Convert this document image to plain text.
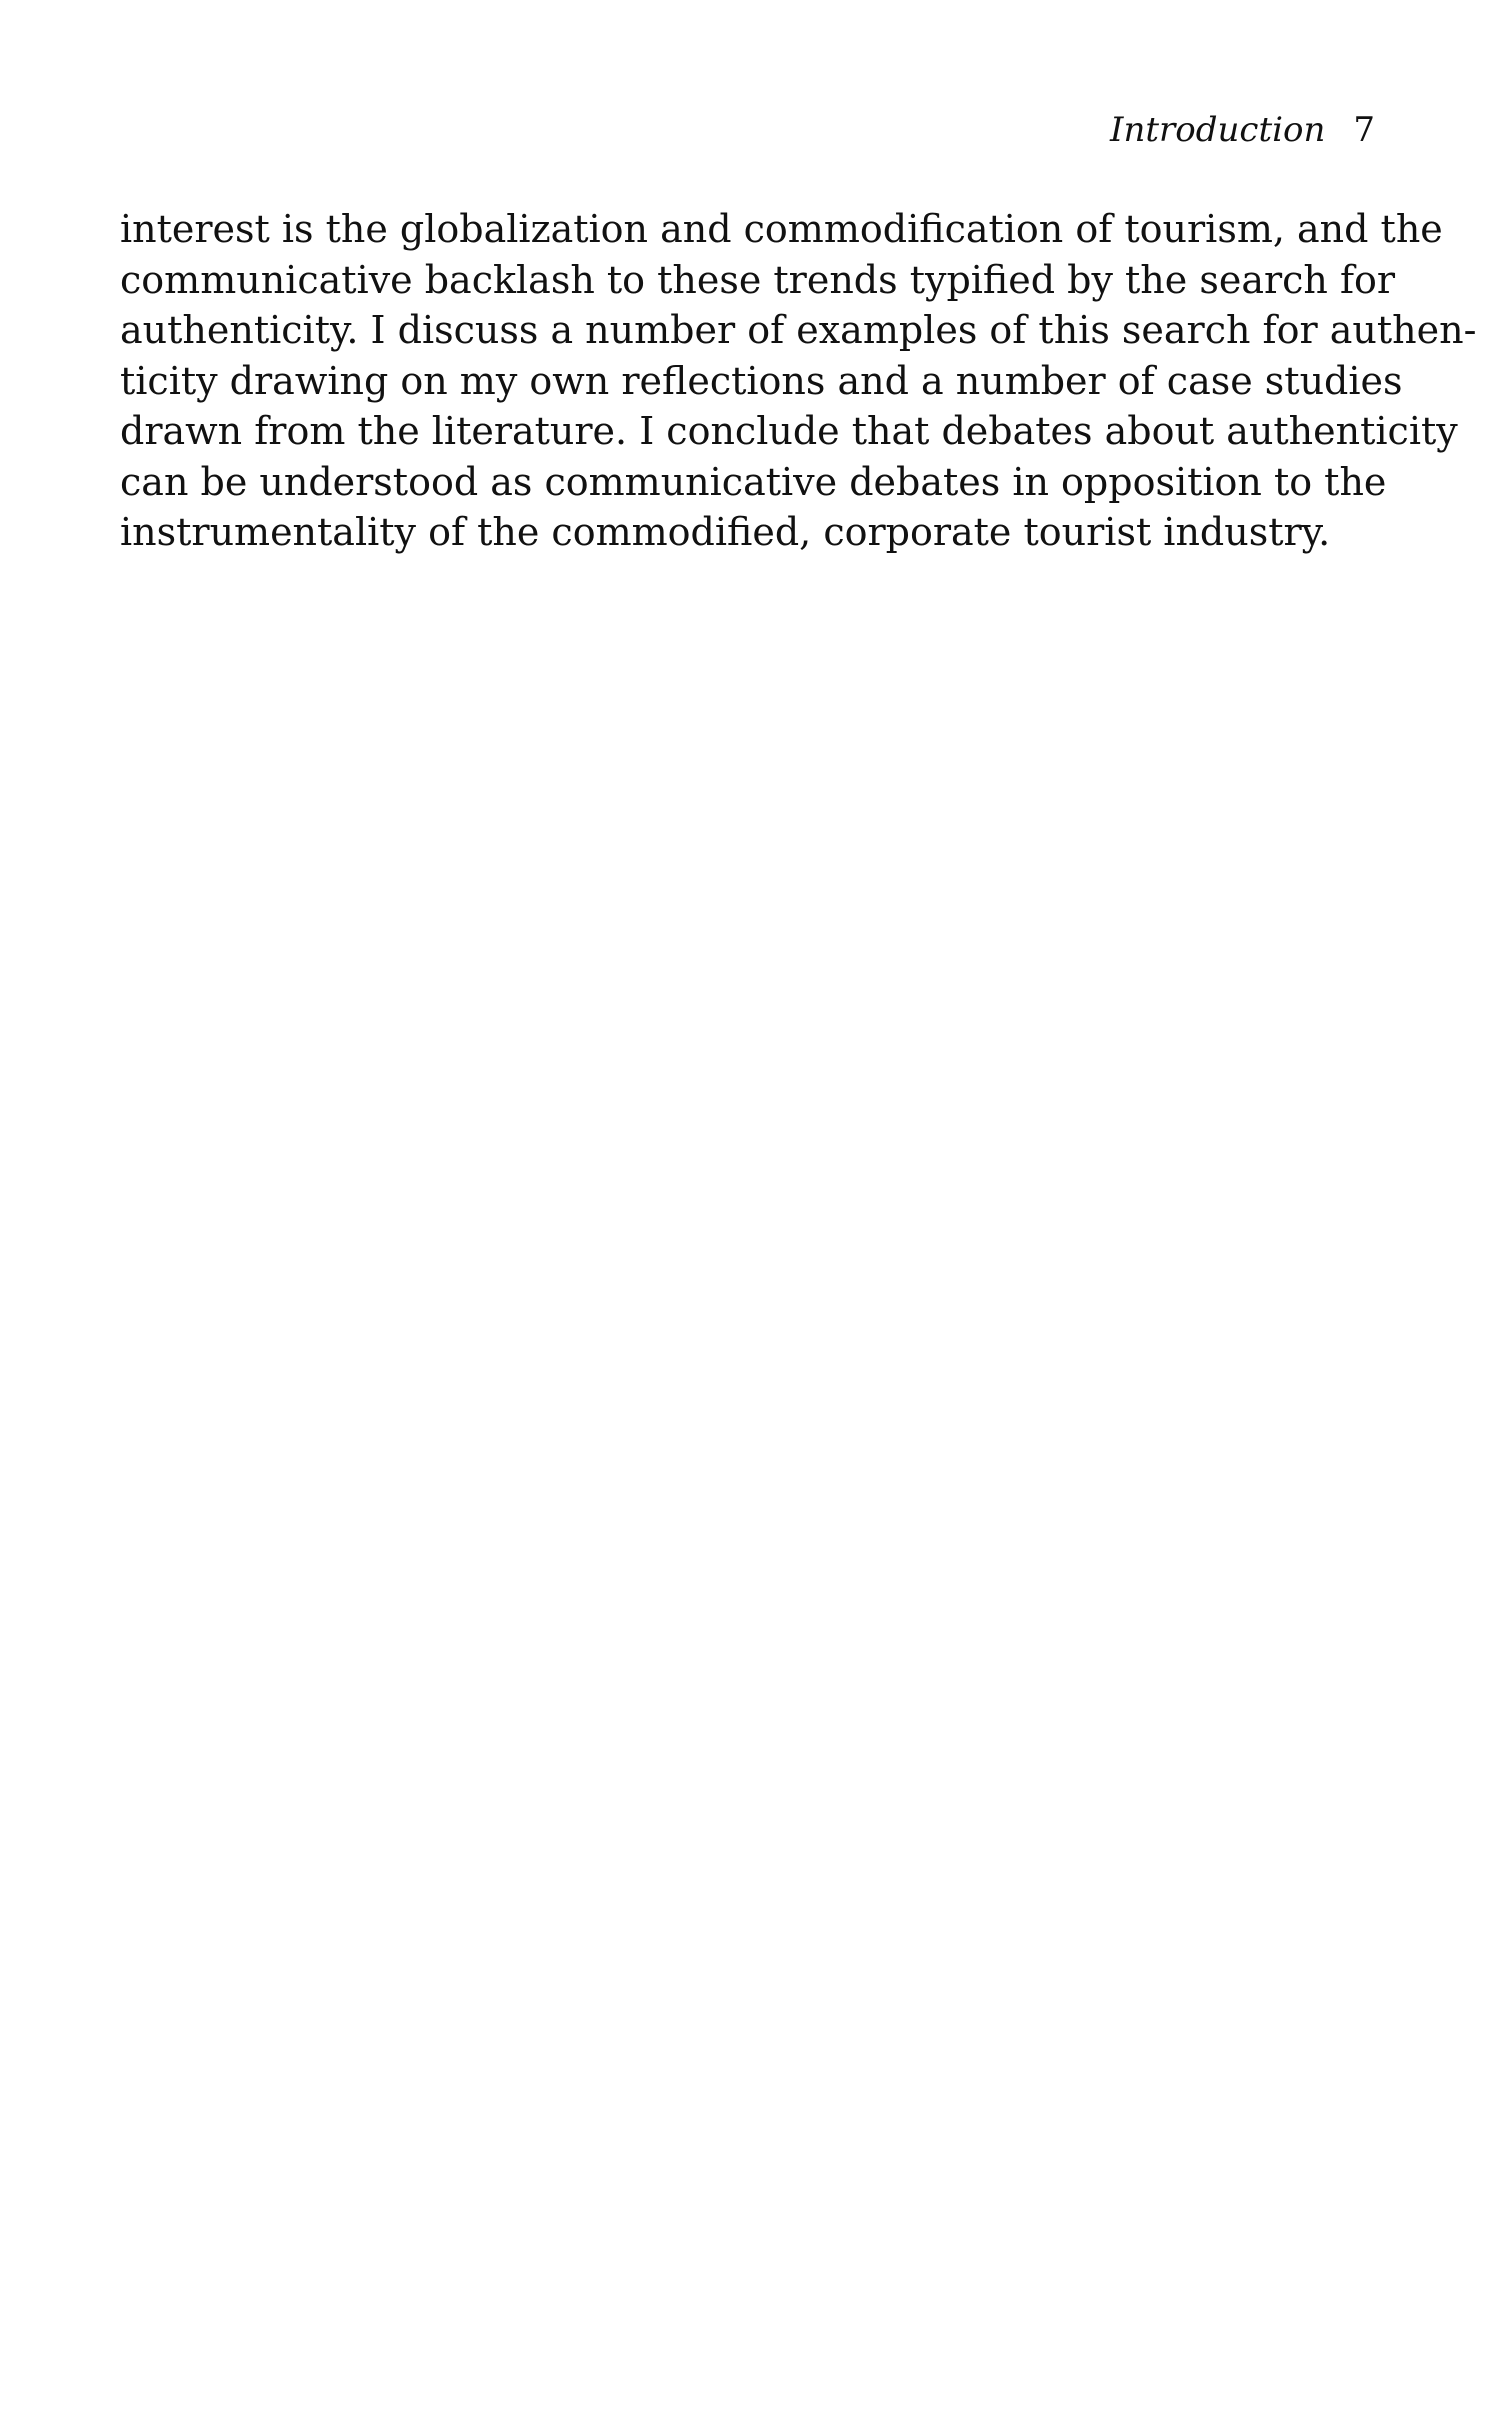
Introduction 7
interest is the globalization and commodification of tourism, and the
communicative backlash to these trends typified by the search for
authenticity. I discuss a number of examples of this search for authen-
ticity drawing on my own reflections and a number of case studies
drawn from the literature. I conclude that debates about authenticity
can be understood as communicative debates in opposition to the
instrumentality of the commodified, corporate tourist industry.
